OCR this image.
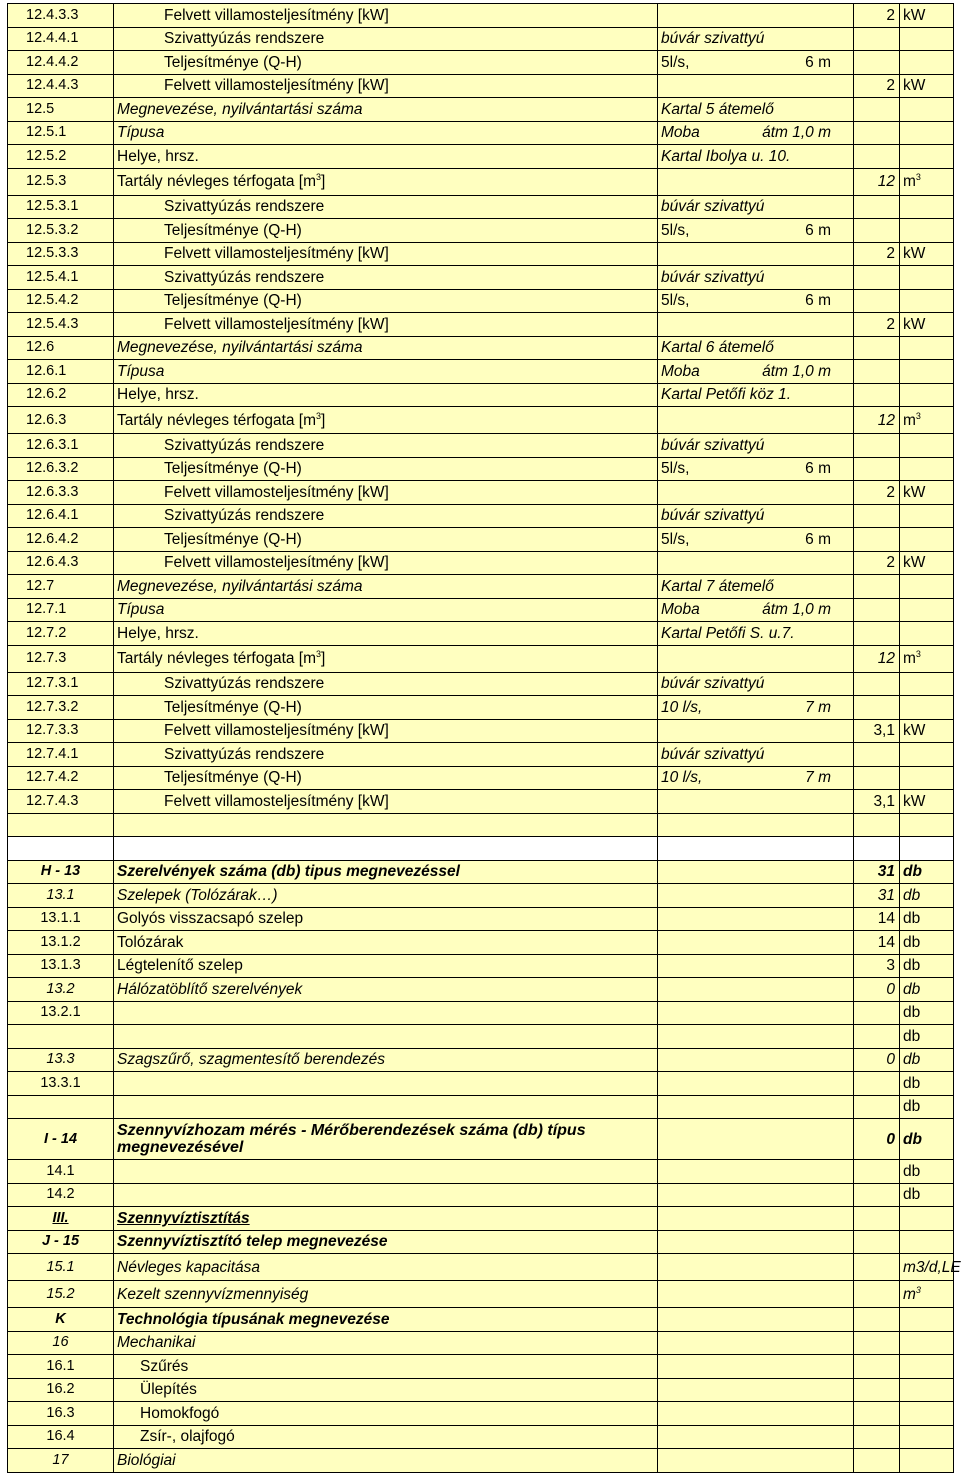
12.4.3.3	Felvett villamosteljesítmény [kW]		2	kW
12.4.4.1	Szivattyúzás rendszere	búvár szivattyú		
12.4.4.2	Teljesítménye (Q-H)	5l/s, 6 m		
12.4.4.3	Felvett villamosteljesítmény [kW]		2	kW
12.5	Megnevezése, nyilvántartási száma	Kartal 5 átemelő		
12.5.1	Típusa	Moba átm 1,0 m		
12.5.2	Helye, hrsz.	Kartal Ibolya u. 10.		
12.5.3	Tartály névleges térfogata $[m^3]$		12	$m^3$
12.5.3.1	Szivattyúzás rendszere	búvár szivattyú		
12.5.3.2	Teljesítménye (Q-H)	5l/s, 6 m		
12.5.3.3	Felvett villamosteljesítmény [kW]		2	kW
12.5.4.1	Szivattyúzás rendszere	búvár szivattyú		
12.5.4.2	Teljesítménye (Q-H)	5l/s, 6 m		
12.5.4.3	Felvett villamosteljesítmény [kW]		2	kW
12.6	Megnevezése, nyilvántartási száma	Kartal 6 átemelő		
12.6.1	Típusa	Moba átm 1,0 m		
12.6.2	Helye, hrsz.	Kartal Petőfi köz 1.		
12.6.3	Tartály névleges térfogata $[m^3]$		12	$m^3$
12.6.3.1	Szivattyúzás rendszere	búvár szivattyú		
12.6.3.2	Teljesítménye (Q-H)	5l/s, 6 m		
12.6.3.3	Felvett villamosteljesítmény [kW]		2	kW
12.6.4.1	Szivattyúzás rendszere	búvár szivattyú		
12.6.4.2	Teljesítménye (Q-H)	5l/s, 6 m		
12.6.4.3	Felvett villamosteljesítmény [kW]		2	kW
12.7	Megnevezése, nyilvántartási száma	Kartal 7 átemelő		
12.7.1	Típusa	Moba átm 1,0 m		
12.7.2	Helye, hrsz.	Kartal Petőfi S. u.7.		
12.7.3	Tartály névleges térfogata $[m^3]$		12	$m^3$
12.7.3.1	Szivattyúzás rendszere	búvár szivattyú		
12.7.3.2	Teljesítménye (Q-H)	10 l/s, 7 m		
12.7.3.3	Felvett villamosteljesítmény [kW]		3,1	kW
12.7.4.1	Szivattyúzás rendszere	búvár szivattyú		
12.7.4.2	Teljesítménye (Q-H)	10 l/s, 7 m		
12.7.4.3	Felvett villamosteljesítmény [kW]		3,1	kW

H - 13	Szerelvények száma (db) tipus megnevezéssel		31	db
13.1	Szelepek (Tolózárak…)		31	db
13.1.1	Golyós visszacsapó szelep		14	db
13.1.2	Tolózárak		14	db
13.1.3	Légtelenítő szelep		3	db
13.2	Hálózatöblítő szerelvények		0	db
13.2.1				db
				db
13.3	Szagszűrő, szagmentesítő berendezés		0	db
13.3.1				db
				db
I - 14	Szennyvízhozam mérés - Mérőberendezések száma (db) típus megnevezésével		0	db
14.1				db
14.2				db
III.	Szennyvíztisztítás			
J - 15	Szennyvíztisztító telep megnevezése			
15.1	Névleges kapacitása			m3/d,LE
15.2	Kezelt szennyvízmennyiség			$m^3$
K	Technológia típusának megnevezése			
16	Mechanikai			
16.1	Szűrés			
16.2	Ülepítés			
16.3	Homokfogó			
16.4	Zsír-, olajfogó			
17	Biológiai			
